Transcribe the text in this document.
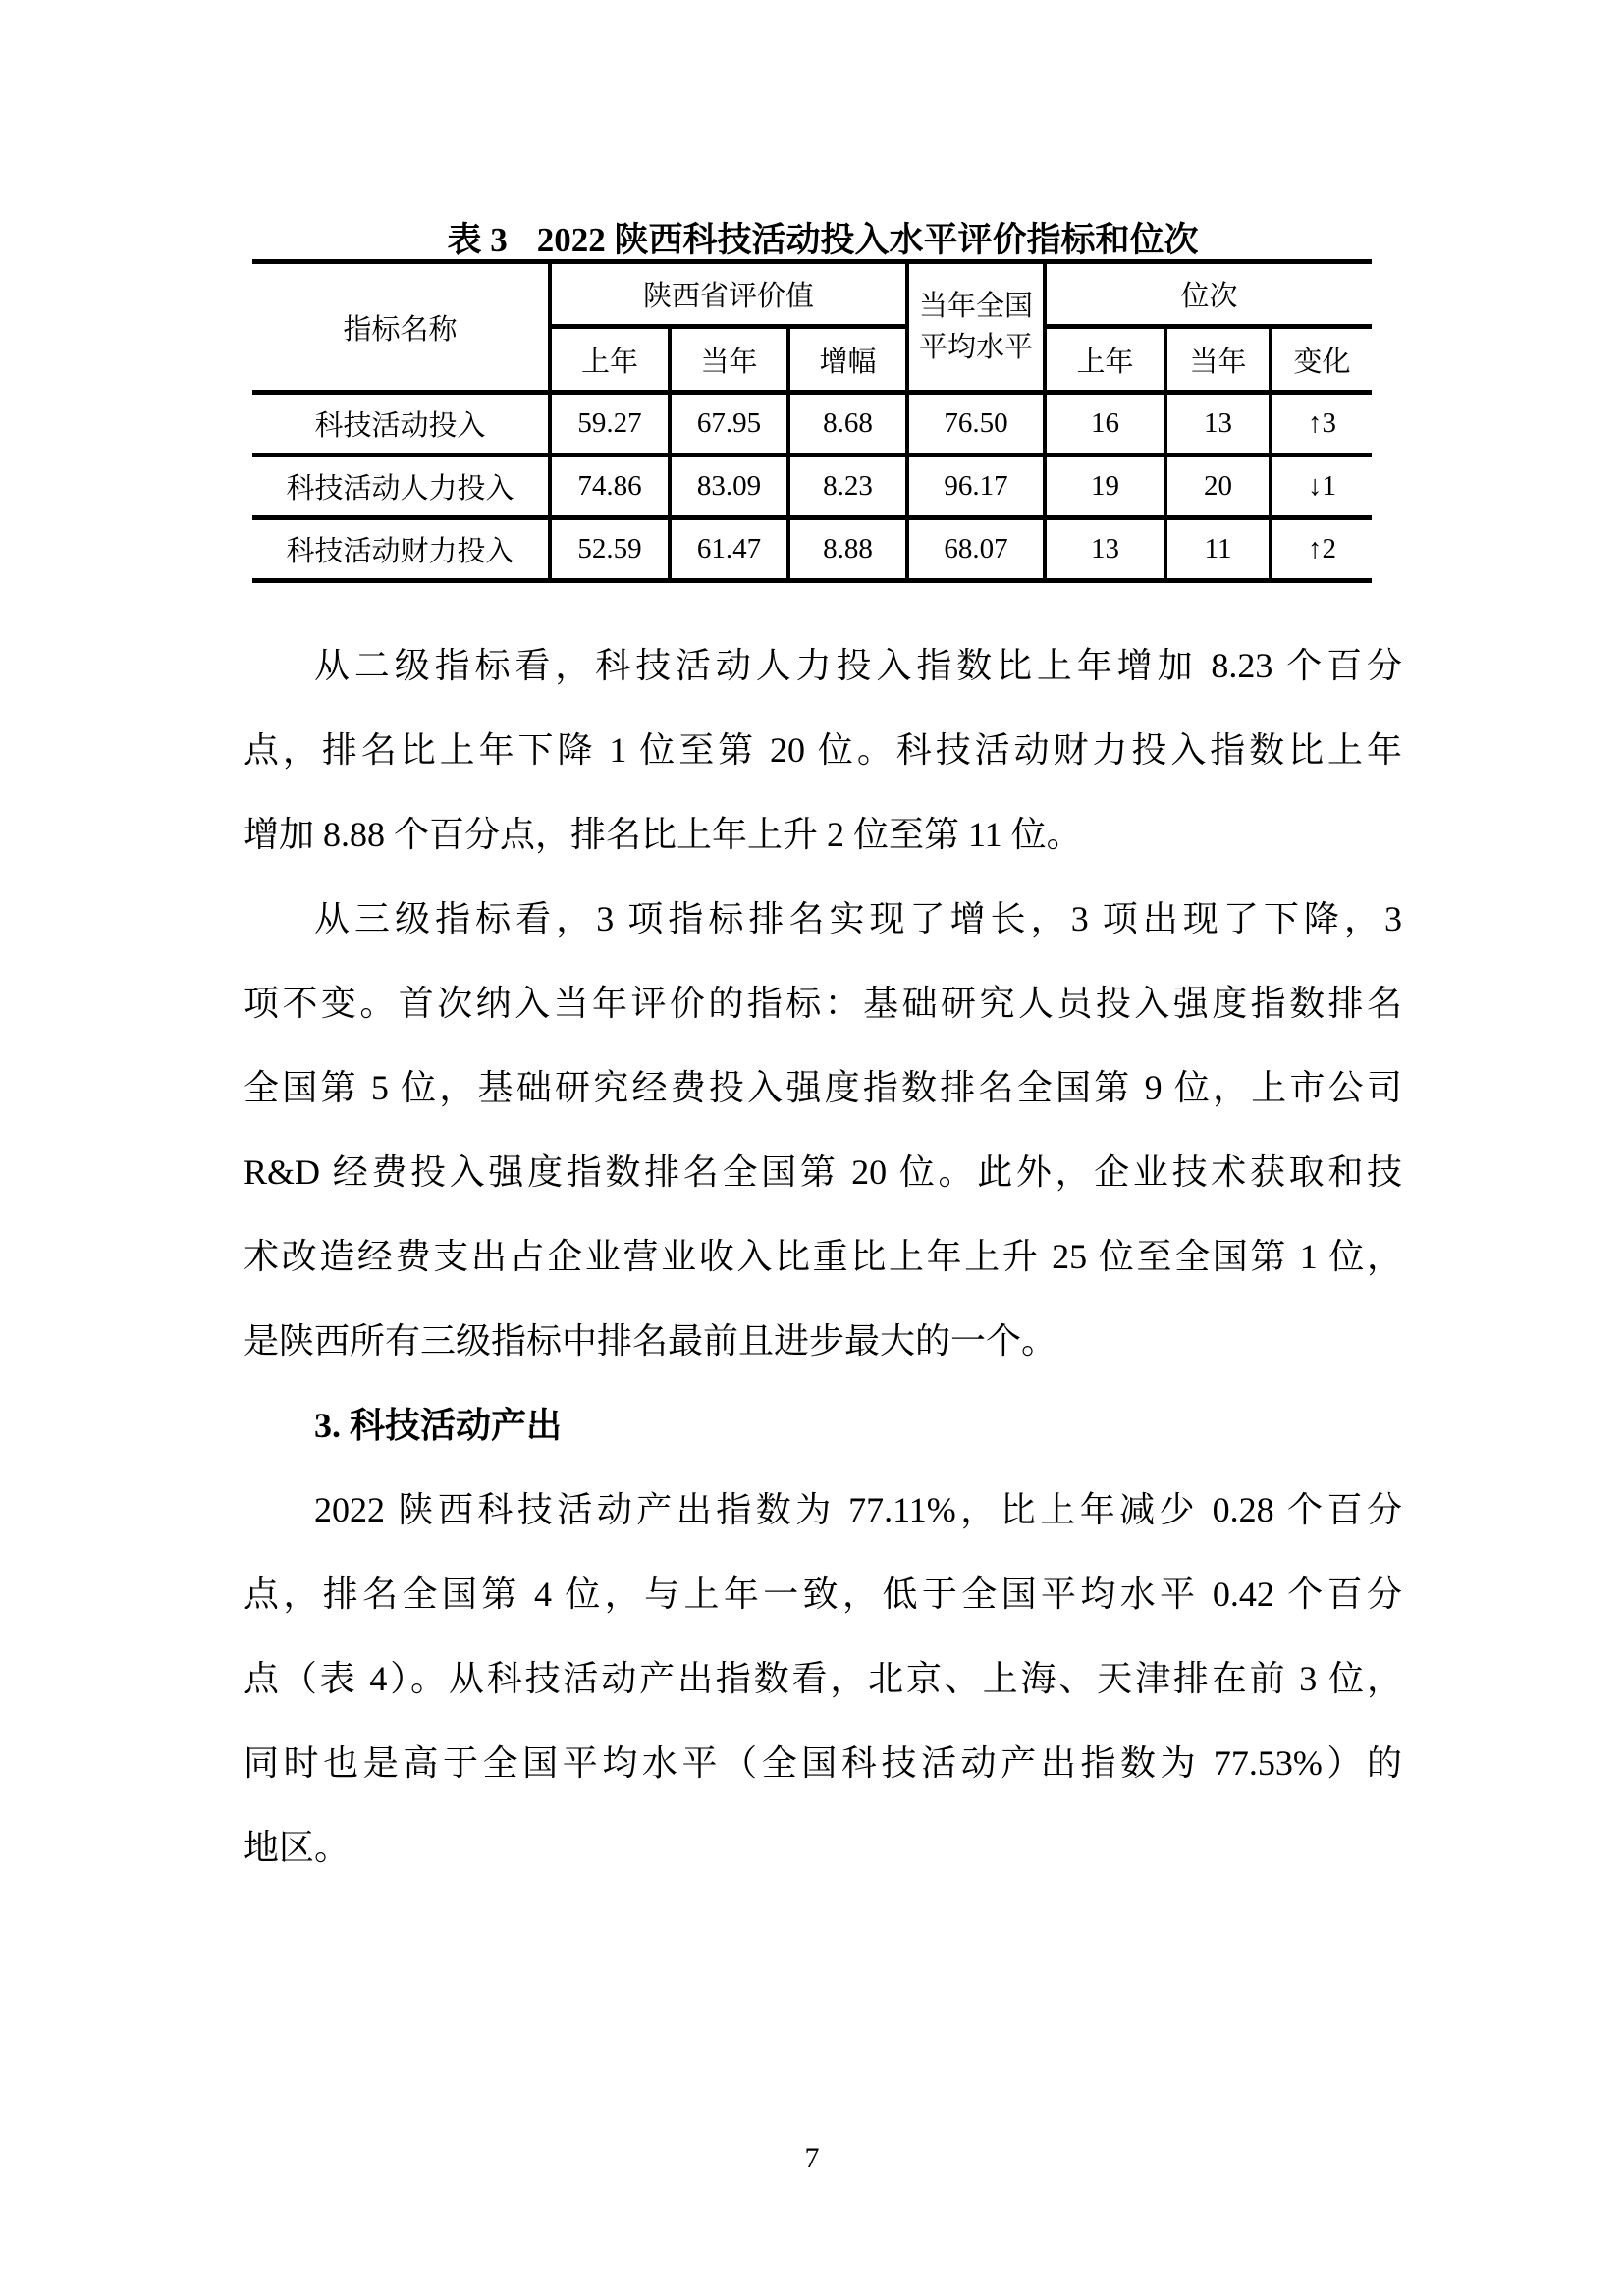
表 3 2022 陕西科技活动投入水平评价指标和位次
指标名称	陕西省评价值			当年全国平均水平	位次		
	上年	当年	增幅		上年	当年	变化
科技活动投入	59.27	67.95	8.68	76.50	16	13	↑3
科技活动人力投入	74.86	83.09	8.23	96.17	19	20	↓1
科技活动财力投入	52.59	61.47	8.88	68.07	13	11	↑2
从二级指标看，科技活动人力投入指数比上年增加 8.23 个百分
点，排名比上年下降 1 位至第 20 位。科技活动财力投入指数比上年
增加 8.88 个百分点，排名比上年上升 2 位至第 11 位。
从三级指标看，3 项指标排名实现了增长，3 项出现了下降，3
项不变。首次纳入当年评价的指标：基础研究人员投入强度指数排名
全国第 5 位，基础研究经费投入强度指数排名全国第 9 位，上市公司
R&D 经费投入强度指数排名全国第 20 位。此外，企业技术获取和技
术改造经费支出占企业营业收入比重比上年上升 25 位至全国第 1 位，
是陕西所有三级指标中排名最前且进步最大的一个。
3. 科技活动产出
2022 陕西科技活动产出指数为 77.11%，比上年减少 0.28 个百分
点，排名全国第 4 位，与上年一致，低于全国平均水平 0.42 个百分
点（表 4）。从科技活动产出指数看，北京、上海、天津排在前 3 位，
同时也是高于全国平均水平（全国科技活动产出指数为 77.53%）的
地区。
7
